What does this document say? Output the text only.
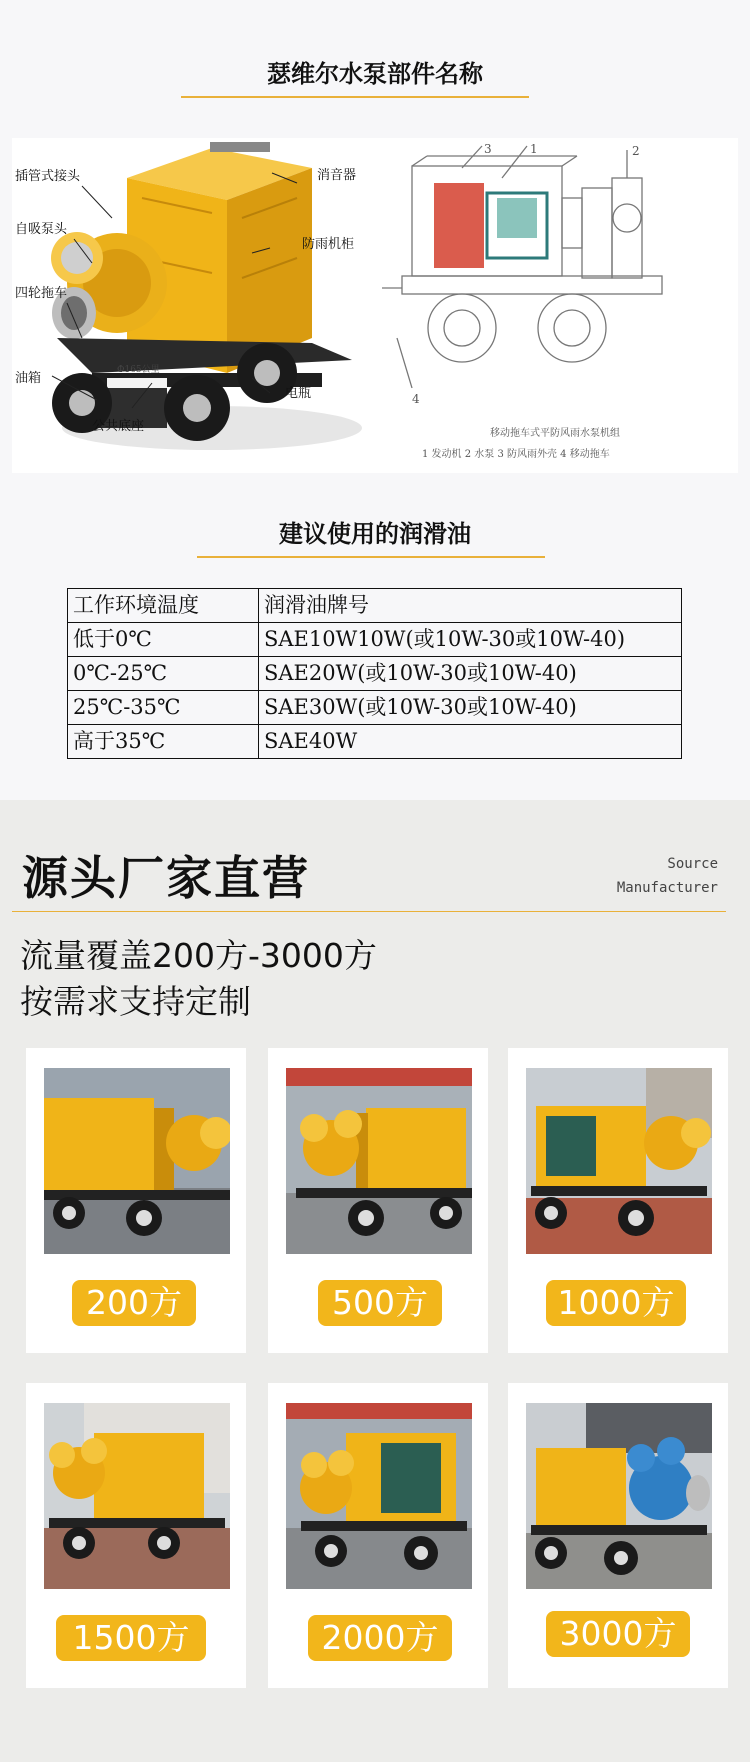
瑟维尔水泵部件名称
插管式接头
自吸泵头
四轮拖车
油箱
公共底座
电瓶
防雨机柜
消音器
Ф165公里
3	1	2
4
移动拖车式平防风雨水泵机组
1 发动机 2 水泵 3 防风雨外壳 4 移动拖车
建议使用的润滑油
工作环境温度	润滑油牌号
低于0℃	SAE10W10W(或10W-30或10W-40)
0℃-25℃	SAE20W(或10W-30或10W-40)
25℃-35℃	SAE30W(或10W-30或10W-40)
高于35℃	SAE40W
源头厂家直营	Source
Manufacturer
流量覆盖200方-3000方
按需求支持定制
200方	500方	1000方
1500方	2000方	3000方
